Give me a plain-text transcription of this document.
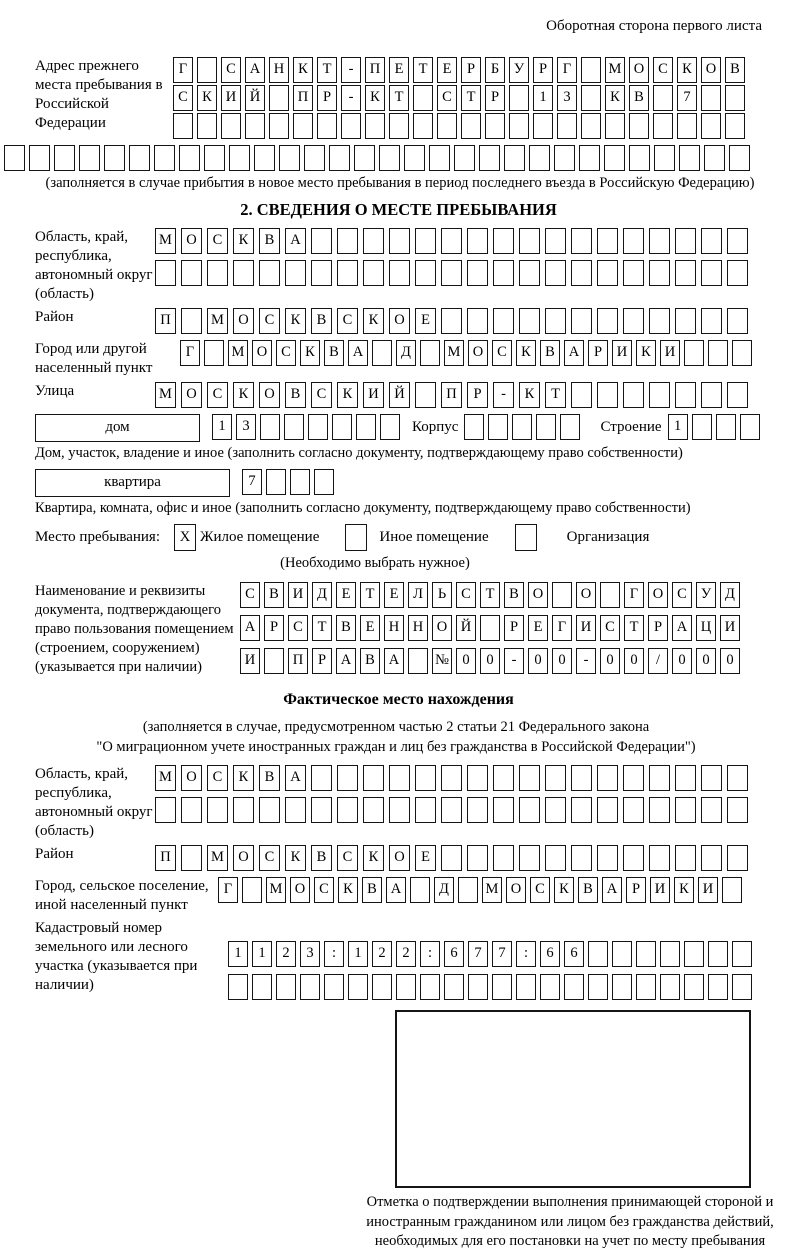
Оборотная сторона первого листа
Адрес прежнего места пребывания в Российской Федерации
Г	С А Н К Т - П Е Т Е Р Б У Р Г	М О С К О В
С К И Й	П Р - К Т	С Т Р	1 3	К В	7
(заполняется в случае прибытия в новое место пребывания в период последнего въезда в Российскую Федерацию)
2. СВЕДЕНИЯ О МЕСТЕ ПРЕБЫВАНИЯ
Область, край, республика, автономный округ (область)
М О С К В А
Район	П	М О С К В С К О Е
Город или другой населенный пункт
Г	М О С К В А	Д	М О С К В А Р И К И
Улица	М О С К О В С К И Й	П Р - К Т
дом	1 3	Корпус	Строение 1
Дом, участок, владение и иное (заполнить согласно документу, подтверждающему право собственности)
квартира	7
Квартира, комната, офис и иное (заполнить согласно документу, подтверждающему право собственности)
Место пребывания:	X Жилое помещение	Иное помещение	Организация
(Необходимо выбрать нужное)
Наименование и реквизиты документа, подтверждающего право пользования помещением (строением, сооружением) (указывается при наличии)
С В И Д Е Т Е Л Ь С Т В О	О	Г О С У Д
А Р С Т В Е Н Н О Й	Р Е Г И С Т Р А Ц И
И	П Р А В А № 0 0 - 0 0 - 0 0 / 0 0 0
Фактическое место нахождения
(заполняется в случае, предусмотренном частью 2 статьи 21 Федерального закона
"О миграционном учете иностранных граждан и лиц без гражданства в Российской Федерации")
Область, край, республика, автономный округ (область)
М О С К В А
Район	П	М О С К В С К О Е
Город, сельское поселение, иной населенный пункт
Г	М О С К В А	Д	М О С К В А Р И К И
Кадастровый номер земельного или лесного участка (указывается при наличии)
1 1 2 3 : 1 2 2 : 6 7 7 : 6 6
Отметка о подтверждении выполнения принимающей стороной и иностранным гражданином или лицом без гражданства действий, необходимых для его постановки на учет по месту пребывания
